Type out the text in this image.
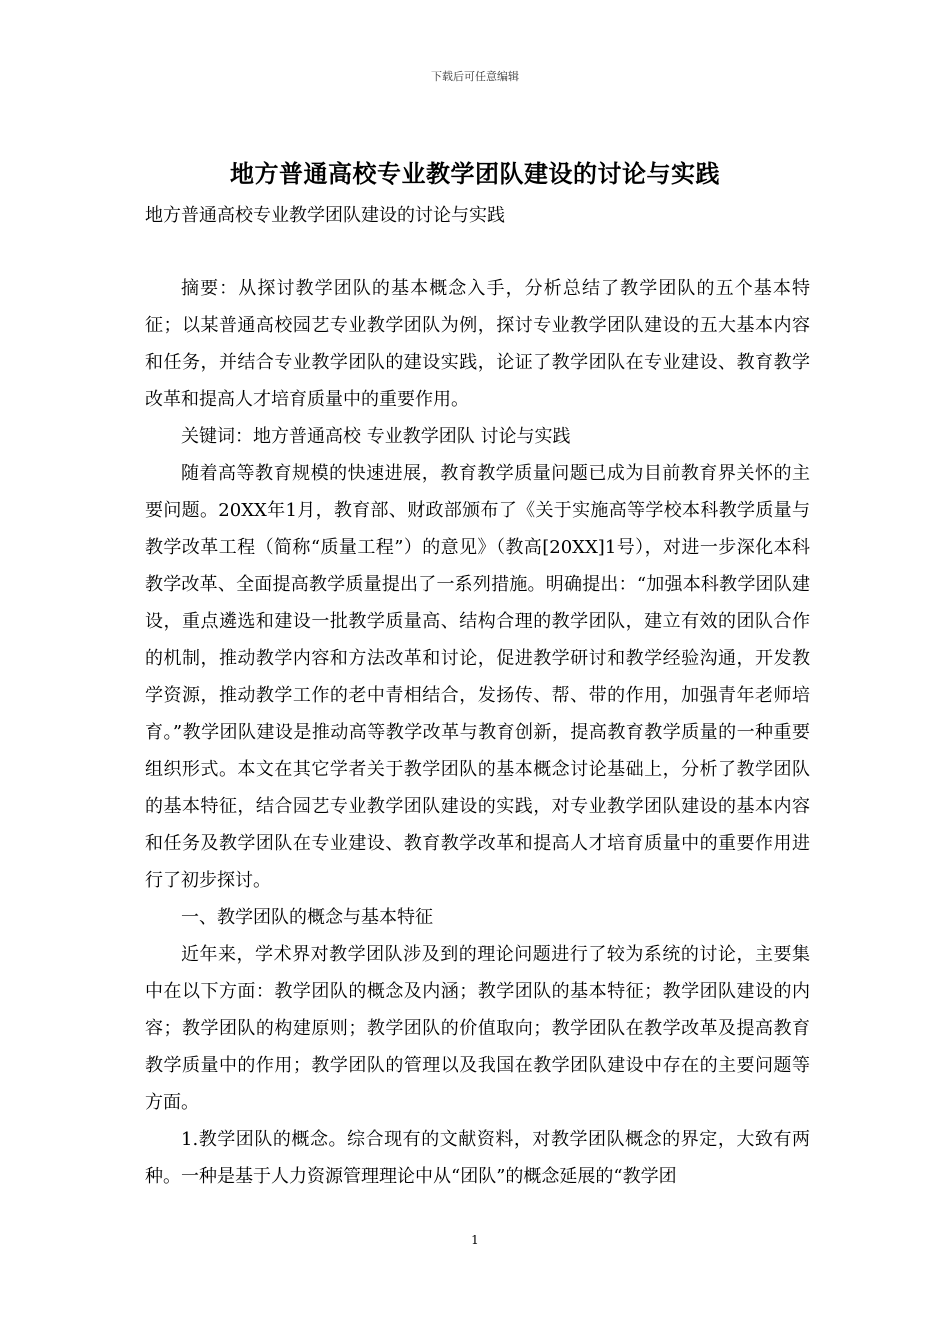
下载后可任意编辑
地方普通高校专业教学团队建设的讨论与实践
地方普通高校专业教学团队建设的讨论与实践

摘要：从探讨教学团队的基本概念入手，分析总结了教学团队的五个基本特征；以某普通高校园艺专业教学团队为例，探讨专业教学团队建设的五大基本内容和任务，并结合专业教学团队的建设实践，论证了教学团队在专业建设、教育教学改革和提高人才培育质量中的重要作用。

关键词：地方普通高校 专业教学团队 讨论与实践

随着高等教育规模的快速进展，教育教学质量问题已成为目前教育界关怀的主要问题。20XX年1月，教育部、财政部颁布了《关于实施高等学校本科教学质量与教学改革工程（简称“质量工程”）的意见》（教高[20XX]1号），对进一步深化本科教学改革、全面提高教学质量提出了一系列措施。明确提出：“加强本科教学团队建设，重点遴选和建设一批教学质量高、结构合理的教学团队，建立有效的团队合作的机制，推动教学内容和方法改革和讨论，促进教学研讨和教学经验沟通，开发教学资源，推动教学工作的老中青相结合，发扬传、帮、带的作用，加强青年老师培育。”教学团队建设是推动高等教学改革与教育创新，提高教育教学质量的一种重要组织形式。本文在其它学者关于教学团队的基本概念讨论基础上，分析了教学团队的基本特征，结合园艺专业教学团队建设的实践，对专业教学团队建设的基本内容和任务及教学团队在专业建设、教育教学改革和提高人才培育质量中的重要作用进行了初步探讨。

一、教学团队的概念与基本特征

近年来，学术界对教学团队涉及到的理论问题进行了较为系统的讨论，主要集中在以下方面：教学团队的概念及内涵；教学团队的基本特征；教学团队建设的内容；教学团队的构建原则；教学团队的价值取向；教学团队在教学改革及提高教育教学质量中的作用；教学团队的管理以及我国在教学团队建设中存在的主要问题等方面。

1.教学团队的概念。综合现有的文献资料，对教学团队概念的界定，大致有两种。一种是基于人力资源管理理论中从“团队”的概念延展的“教学团

1
